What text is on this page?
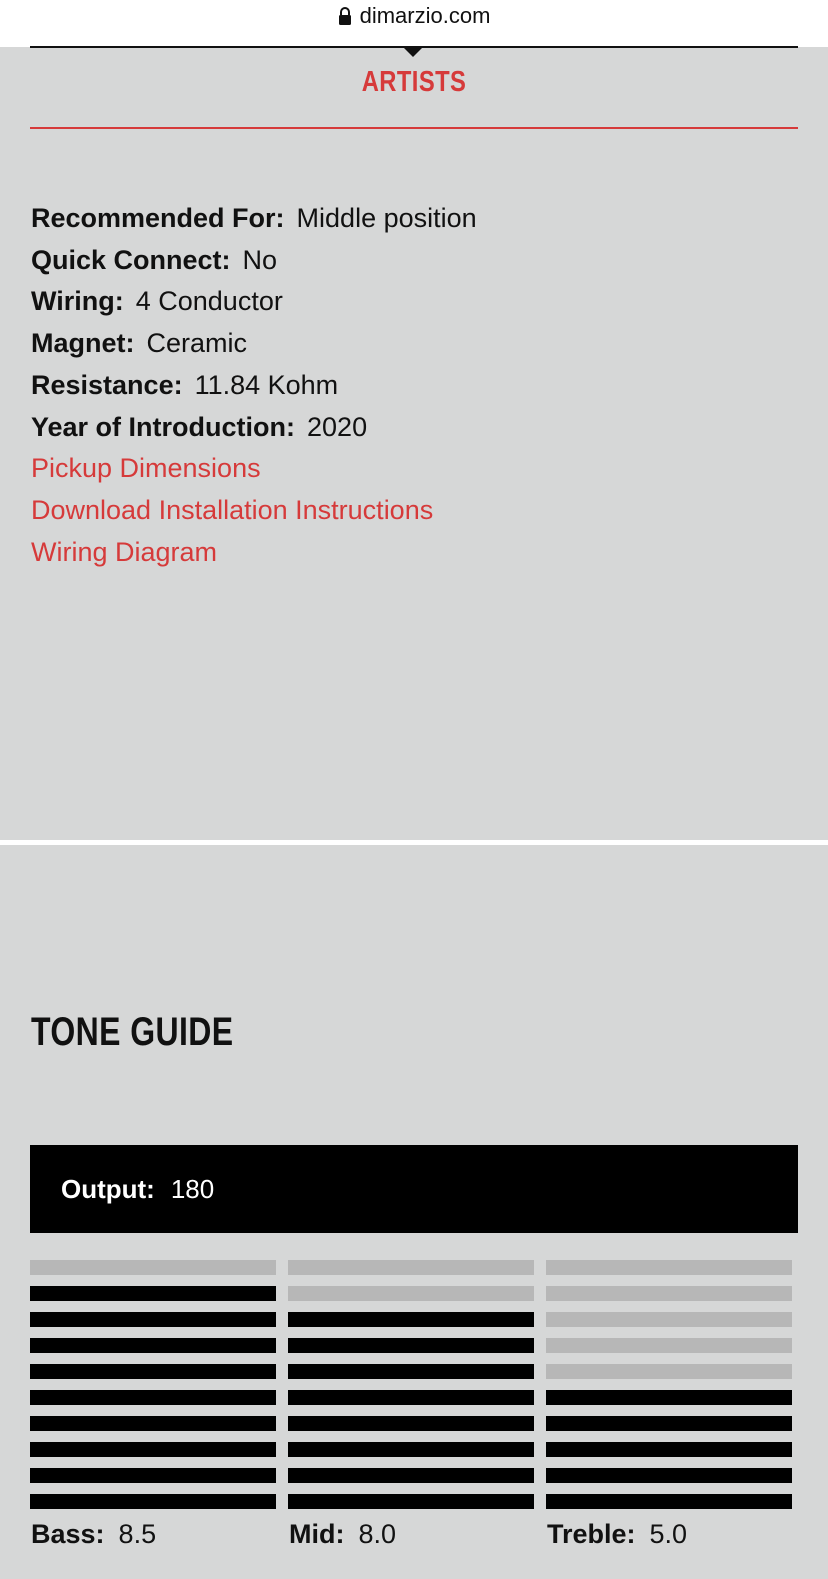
dimarzio.com
ARTISTS
Recommended For: Middle position
Quick Connect: No
Wiring: 4 Conductor
Magnet: Ceramic
Resistance: 11.84 Kohm
Year of Introduction: 2020
Pickup Dimensions
Download Installation Instructions
Wiring Diagram
TONE GUIDE
Output: 180
Bass: 8.5	Mid: 8.0	Treble: 5.0
